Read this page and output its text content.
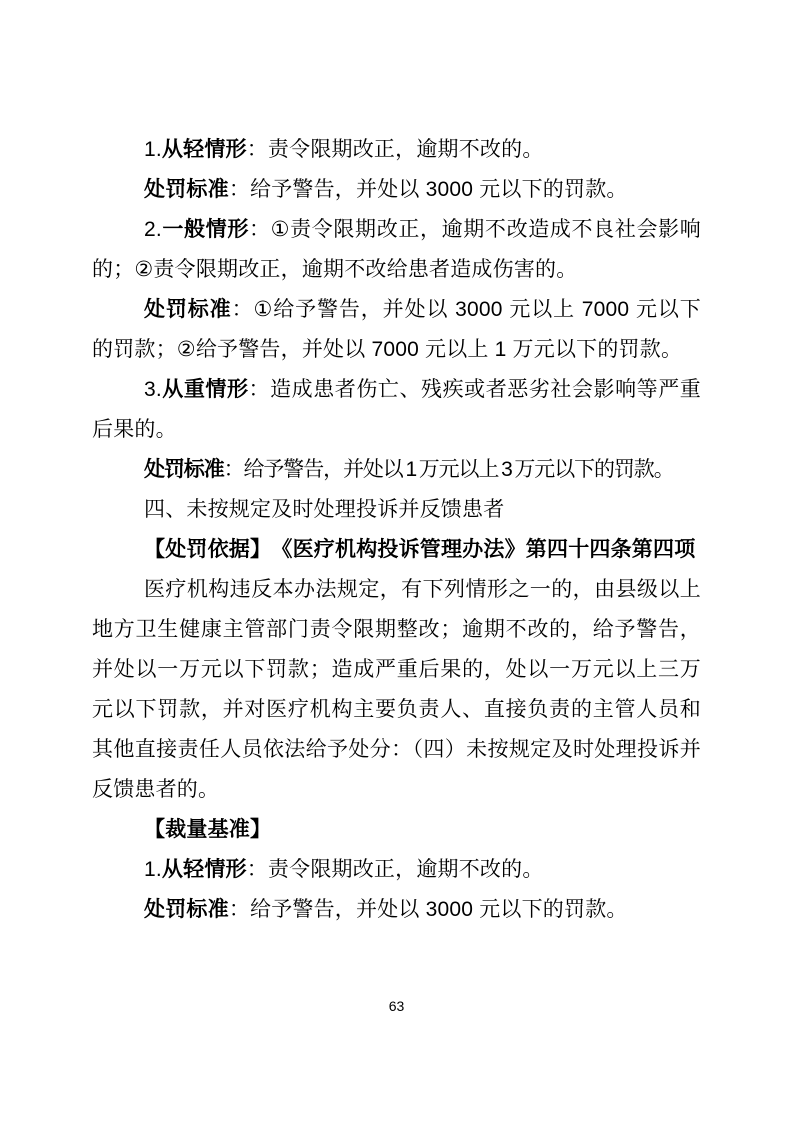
1.从轻情形：责令限期改正，逾期不改的。

处罚标准：给予警告，并处以 3000 元以下的罚款。

2.一般情形：①责令限期改正，逾期不改造成不良社会影响的；②责令限期改正，逾期不改给患者造成伤害的。

处罚标准：①给予警告，并处以 3000 元以上 7000 元以下的罚款；②给予警告，并处以 7000 元以上 1 万元以下的罚款。

3.从重情形：造成患者伤亡、残疾或者恶劣社会影响等严重后果的。

处罚标准：给予警告，并处以 1 万元以上 3 万元以下的罚款。

四、未按规定及时处理投诉并反馈患者

【处罚依据】　《医疗机构投诉管理办法》第四十四条第四项

医疗机构违反本办法规定，有下列情形之一的，由县级以上地方卫生健康主管部门责令限期整改；逾期不改的，给予警告，并处以一万元以下罚款；造成严重后果的，处以一万元以上三万元以下罚款，并对医疗机构主要负责人、直接负责的主管人员和其他直接责任人员依法给予处分：（四）未按规定及时处理投诉并反馈患者的。

【裁量基准】

1.从轻情形：责令限期改正，逾期不改的。

处罚标准：给予警告，并处以 3000 元以下的罚款。

63
